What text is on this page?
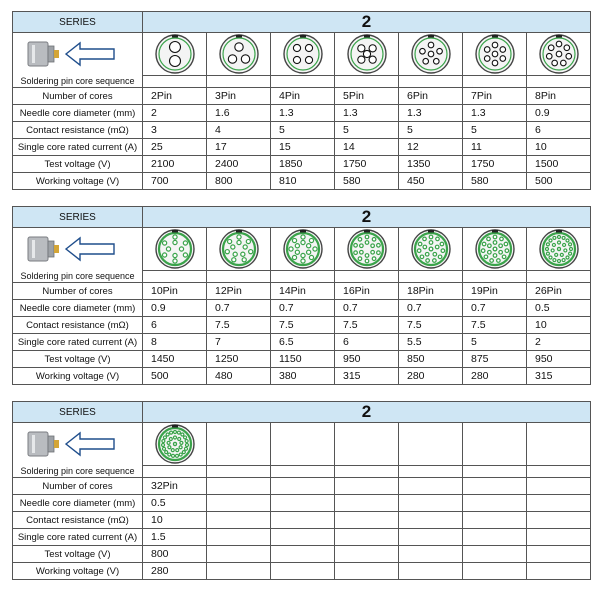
SERIES	2						

Soldering pin core sequence							
Number of cores	2Pin	3Pin	4Pin	5Pin	6Pin	7Pin	8Pin
Needle core diameter (mm)	2	1.6	1.3	1.3	1.3	1.3	0.9
Contact resistance (mΩ)	3	4	5	5	5	5	6
Single core rated current (A)	25	17	15	14	12	11	10
Test voltage (V)	2100	2400	1850	1750	1350	1750	1500
Working voltage (V)	700	800	810	580	450	580	500
SERIES	2						

Soldering pin core sequence							
Number of cores	10Pin	12Pin	14Pin	16Pin	18Pin	19Pin	26Pin
Needle core diameter (mm)	0.9	0.7	0.7	0.7	0.7	0.7	0.5
Contact resistance (mΩ)	6	7.5	7.5	7.5	7.5	7.5	10
Single core rated current (A)	8	7	6.5	6	5.5	5	2
Test voltage (V)	1450	1250	1150	950	850	875	950
Working voltage (V)	500	480	380	315	280	280	315
SERIES	2						

Soldering pin core sequence							
Number of cores	32Pin						
Needle core diameter (mm)	0.5						
Contact resistance (mΩ)	10						
Single core rated current (A)	1.5						
Test voltage (V)	800						
Working voltage (V)	280						
